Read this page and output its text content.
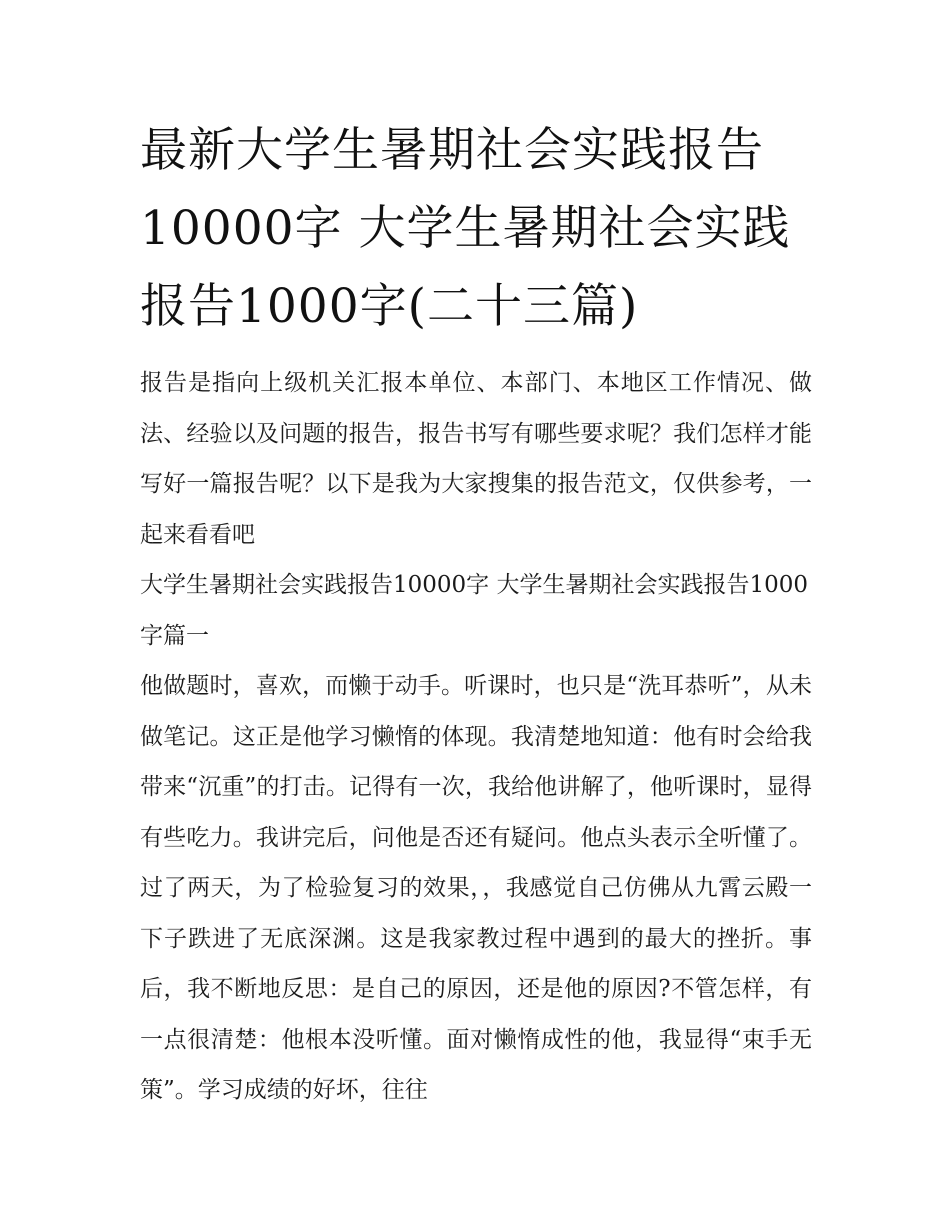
最新大学生暑期社会实践报告10000字 大学生暑期社会实践报告1000字(二十三篇)

报告是指向上级机关汇报本单位、本部门、本地区工作情况、做法、经验以及问题的报告，报告书写有哪些要求呢？我们怎样才能写好一篇报告呢？以下是我为大家搜集的报告范文，仅供参考，一起来看看吧

大学生暑期社会实践报告10000字 大学生暑期社会实践报告1000字篇一

他做题时，喜欢，而懒于动手。听课时，也只是“洗耳恭听”，从未做笔记。这正是他学习懒惰的体现。我清楚地知道：他有时会给我带来“沉重”的打击。记得有一次，我给他讲解了，他听课时，显得有些吃力。我讲完后，问他是否还有疑问。他点头表示全听懂了。过了两天，为了检验复习的效果，，我感觉自己仿佛从九霄云殿一下子跌进了无底深渊。这是我家教过程中遇到的最大的挫折。事后，我不断地反思：是自己的原因，还是他的原因?不管怎样，有一点很清楚：他根本没听懂。面对懒惰成性的他，我显得“束手无策”。学习成绩的好坏，往往
